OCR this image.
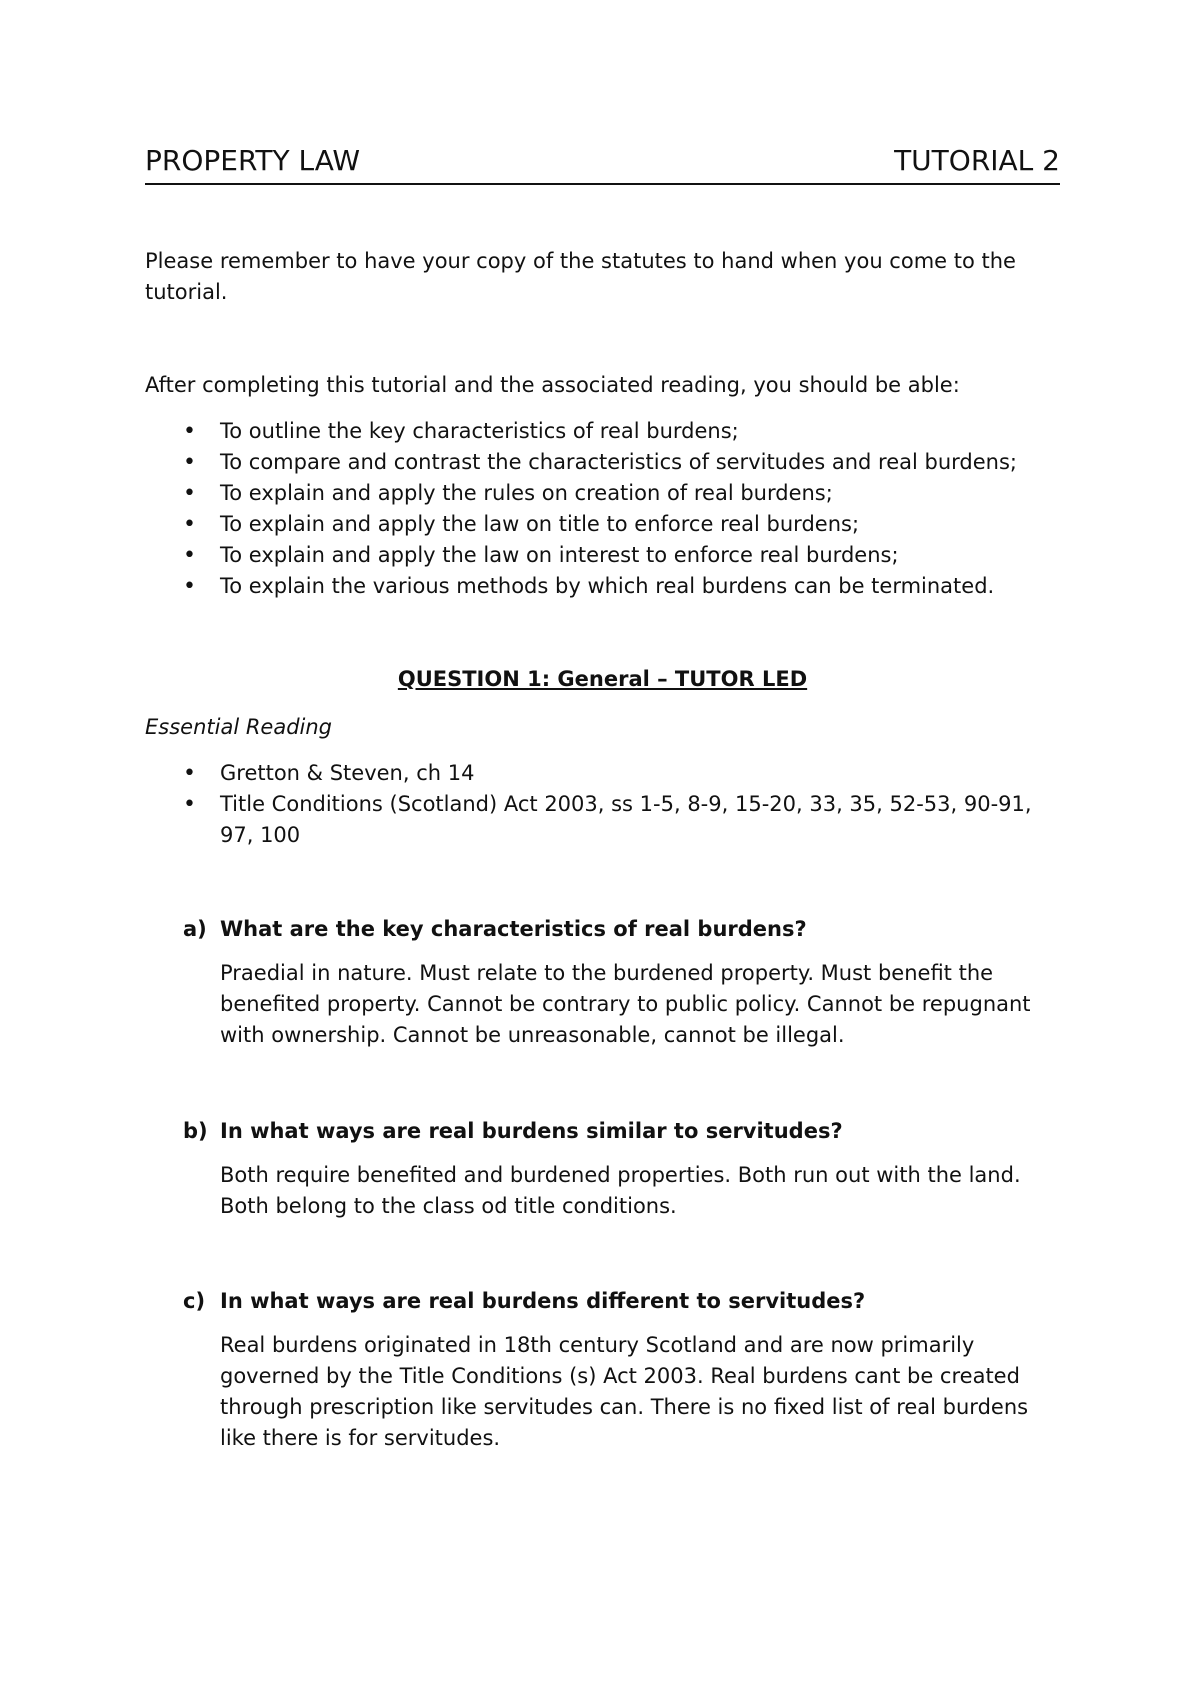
PROPERTY LAW	TUTORIAL 2

Please remember to have your copy of the statutes to hand when you come to the tutorial.

After completing this tutorial and the associated reading, you should be able:

• To outline the key characteristics of real burdens;
• To compare and contrast the characteristics of servitudes and real burdens;
• To explain and apply the rules on creation of real burdens;
• To explain and apply the law on title to enforce real burdens;
• To explain and apply the law on interest to enforce real burdens;
• To explain the various methods by which real burdens can be terminated.
QUESTION 1: General – TUTOR LED
Essential Reading
• Gretton & Steven, ch 14
• Title Conditions (Scotland) Act 2003, ss 1-5, 8-9, 15-20, 33, 35, 52-53, 90-91, 97, 100
a) What are the key characteristics of real burdens?
Praedial in nature. Must relate to the burdened property. Must benefit the benefited property. Cannot be contrary to public policy. Cannot be repugnant with ownership. Cannot be unreasonable, cannot be illegal.
b) In what ways are real burdens similar to servitudes?
Both require benefited and burdened properties. Both run out with the land. Both belong to the class od title conditions.
c) In what ways are real burdens different to servitudes?
Real burdens originated in 18th century Scotland and are now primarily governed by the Title Conditions (s) Act 2003. Real burdens cant be created through prescription like servitudes can. There is no fixed list of real burdens like there is for servitudes.
